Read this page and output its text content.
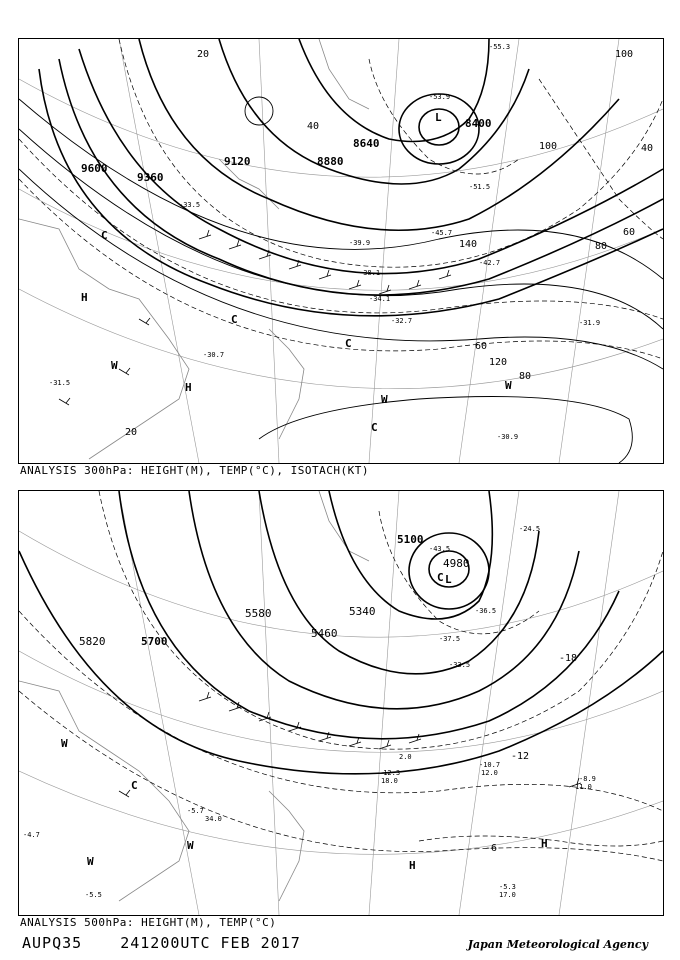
9600
9360
9120	8880
8640
8400
20
40
60
80
100
120
20
140
60
40
80
100
-31.5
-33.5
-39.9
-45.7
-51.5
-53.9
-55.3
-42.7
-32.7	-31.9
-30.7
-30.9
-34.1
-38.1
L
H
H
C
C
C
C
W
W
W
ANALYSIS 300hPa: HEIGHT(M), TEMP(°C), ISOTACH(KT)
5820	5700
5580
5460
5340
5100
4980
-12
-18
-6
-24.5
-36.5
-43.5
-10.7
-8.9
-12.3
-5.7
-4.7
-5.5
-5.3
-33.5
-37.5
17.0
11.0
12.0
34.0
18.0
2.0
L
H
H
C
C
W
W
W
ANALYSIS 500hPa: HEIGHT(M), TEMP(°C)
AUPQ35	241200UTC FEB 2017	Japan Meteorological Agency
